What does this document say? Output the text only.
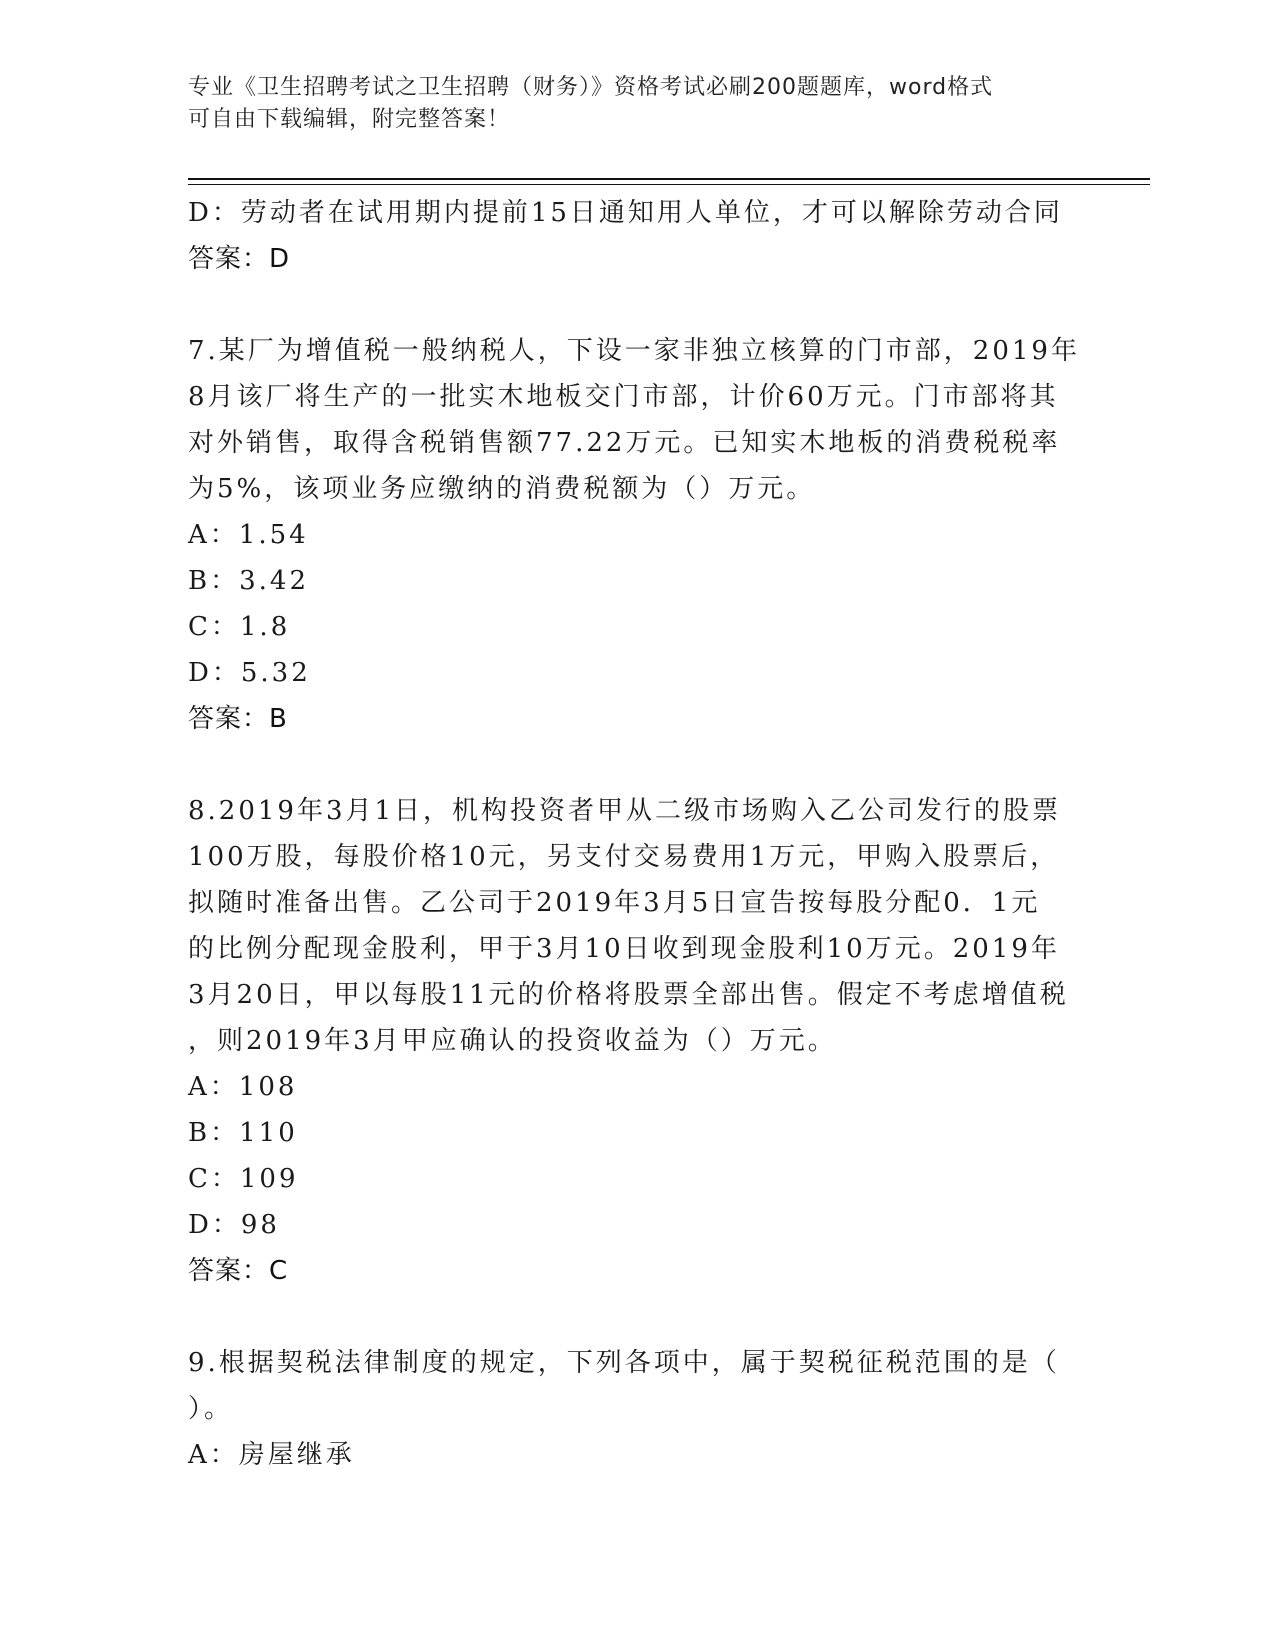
专业《卫生招聘考试之卫生招聘（财务）》资格考试必刷200题题库，word格式
可自由下载编辑，附完整答案！
D：劳动者在试用期内提前15日通知用人单位，才可以解除劳动合同
答案：D
7.某厂为增值税一般纳税人，下设一家非独立核算的门市部，2019年
8月该厂将生产的一批实木地板交门市部，计价60万元。门市部将其
对外销售，取得含税销售额77.22万元。已知实木地板的消费税税率
为5%，该项业务应缴纳的消费税额为（）万元。
A：1.54
B：3.42
C：1.8
D：5.32
答案：B
8.2019年3月1日，机构投资者甲从二级市场购入乙公司发行的股票
100万股，每股价格10元，另支付交易费用1万元，甲购入股票后，
拟随时准备出售。乙公司于2019年3月5日宣告按每股分配0．1元
的比例分配现金股利，甲于3月10日收到现金股利10万元。2019年
3月20日，甲以每股11元的价格将股票全部出售。假定不考虑增值税
，则2019年3月甲应确认的投资收益为（）万元。
A：108
B：110
C：109
D：98
答案：C
9.根据契税法律制度的规定，下列各项中，属于契税征税范围的是（
）。
A：房屋继承
